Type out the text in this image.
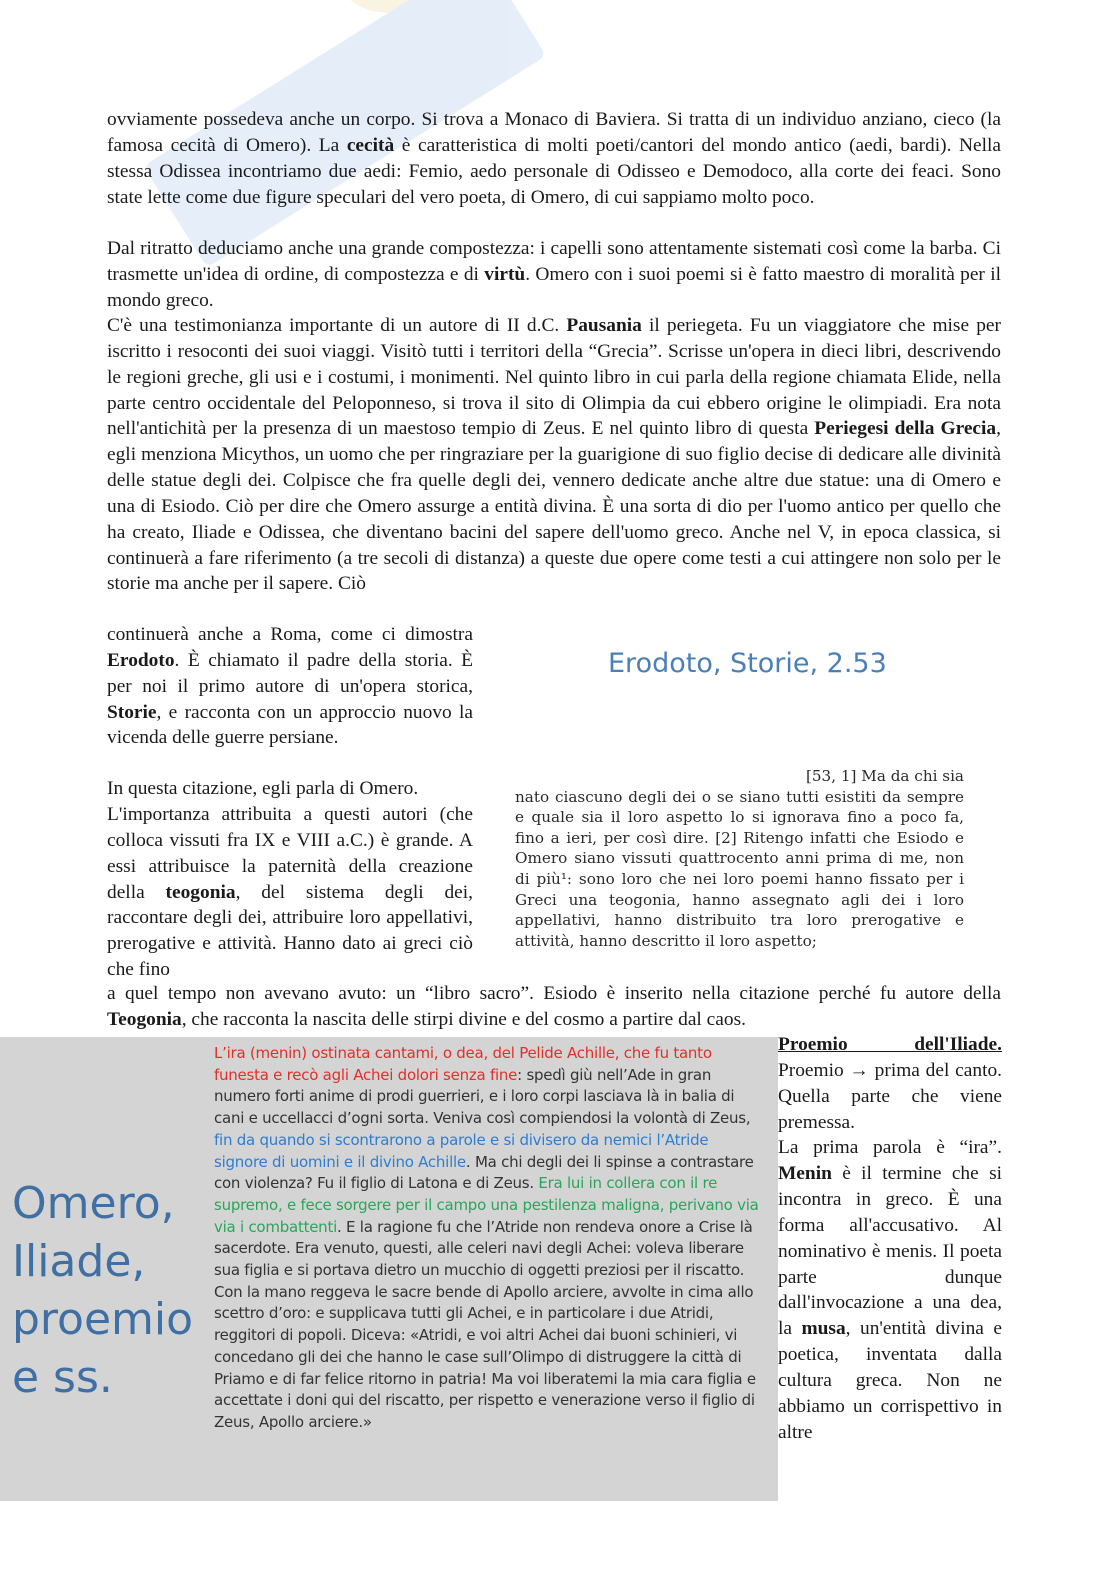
ovviamente possedeva anche un corpo. Si trova a Monaco di Baviera. Si tratta di un individuo anziano, cieco (la famosa cecità di Omero). La cecità è caratteristica di molti poeti/cantori del mondo antico (aedi, bardi). Nella stessa Odissea incontriamo due aedi: Femio, aedo personale di Odisseo e Demodoco, alla corte dei feaci. Sono state lette come due figure speculari del vero poeta, di Omero, di cui sappiamo molto poco.

Dal ritratto deduciamo anche una grande compostezza: i capelli sono attentamente sistemati così come la barba. Ci trasmette un'idea di ordine, di compostezza e di virtù. Omero con i suoi poemi si è fatto maestro di moralità per il mondo greco.

C'è una testimonianza importante di un autore di II d.C. Pausania il periegeta. Fu un viaggiatore che mise per iscritto i resoconti dei suoi viaggi. Visitò tutti i territori della “Grecia”. Scrisse un'opera in dieci libri, descrivendo le regioni greche, gli usi e i costumi, i monimenti. Nel quinto libro in cui parla della regione chiamata Elide, nella parte centro occidentale del Peloponneso, si trova il sito di Olimpia da cui ebbero origine le olimpiadi. Era nota nell'antichità per la presenza di un maestoso tempio di Zeus. E nel quinto libro di questa Periegesi della Grecia, egli menziona Micythos, un uomo che per ringraziare per la guarigione di suo figlio decise di dedicare alle divinità delle statue degli dei. Colpisce che fra quelle degli dei, vennero dedicate anche altre due statue: una di Omero e una di Esiodo. Ciò per dire che Omero assurge a entità divina. È una sorta di dio per l'uomo antico per quello che ha creato, Iliade e Odissea, che diventano bacini del sapere dell'uomo greco. Anche nel V, in epoca classica, si continuerà a fare riferimento (a tre secoli di distanza) a queste due opere come testi a cui attingere non solo per le storie ma anche per il sapere. Ciò

continuerà anche a Roma, come ci dimostra Erodoto. È chiamato il padre della storia. È per noi il primo autore di un'opera storica, Storie, e racconta con un approccio nuovo la vicenda delle guerre persiane.

In questa citazione, egli parla di Omero.

L'importanza attribuita a questi autori (che colloca vissuti fra IX e VIII a.C.) è grande. A essi attribuisce la paternità della creazione della teogonia, del sistema degli dei, raccontare degli dei, attribuire loro appellativi, prerogative e attività. Hanno dato ai greci ciò che fino

Erodoto, Storie, 2.53
[53, 1] Ma da chi sia
nato ciascuno degli dei o se siano tutti esistiti da sempre e quale sia il loro aspetto lo si ignorava fino a poco fa, fino a ieri, per così dire. [2] Ritengo infatti che Esiodo e Omero siano vissuti quattrocento anni prima di me, non di più¹: sono loro che nei loro poemi hanno fissato per i Greci una teogonia, hanno assegnato agli dei i loro appellativi, hanno distribuito tra loro prerogative e attività, hanno descritto il loro aspetto;

a quel tempo non avevano avuto: un “libro sacro”. Esiodo è inserito nella citazione perché fu autore della Teogonia, che racconta la nascita delle stirpi divine e del cosmo a partire dal caos.

Omero,
Iliade,
proemio
e ss.
L’ira (menin) ostinata cantami, o dea, del Pelide Achille, che fu tanto funesta e recò agli Achei dolori senza fine: spedì giù nell’Ade in gran numero forti anime di prodi guerrieri, e i loro corpi lasciava là in balia di cani e uccellacci d’ogni sorta. Veniva così compiendosi la volontà di Zeus, fin da quando si scontrarono a parole e si divisero da nemici l’Atride signore di uomini e il divino Achille. Ma chi degli dei li spinse a contrastare con violenza? Fu il figlio di Latona e di Zeus. Era lui in collera con il re supremo, e fece sorgere per il campo una pestilenza maligna, perivano via via i combattenti. E la ragione fu che l’Atride non rendeva onore a Crise là sacerdote. Era venuto, questi, alle celeri navi degli Achei: voleva liberare sua figlia e si portava dietro un mucchio di oggetti preziosi per il riscatto. Con la mano reggeva le sacre bende di Apollo arciere, avvolte in cima allo scettro d’oro: e supplicava tutti gli Achei, e in particolare i due Atridi, reggitori di popoli. Diceva: «Atridi, e voi altri Achei dai buoni schinieri, vi concedano gli dei che hanno le case sull’Olimpo di distruggere la città di Priamo e di far felice ritorno in patria! Ma voi liberatemi la mia cara figlia e accettate i doni qui del riscatto, per rispetto e venerazione verso il figlio di Zeus, Apollo arciere.»
Proemio dell'Iliade.
Proemio → prima del canto. Quella parte che viene premessa.
La prima parola è “ira”. Menin è il termine che si incontra in greco. È una forma all'accusativo. Al nominativo è menis. Il poeta parte dunque dall'invocazione a una dea, la musa, un'entità divina e poetica, inventata dalla cultura greca. Non ne abbiamo un corrispettivo in altre
